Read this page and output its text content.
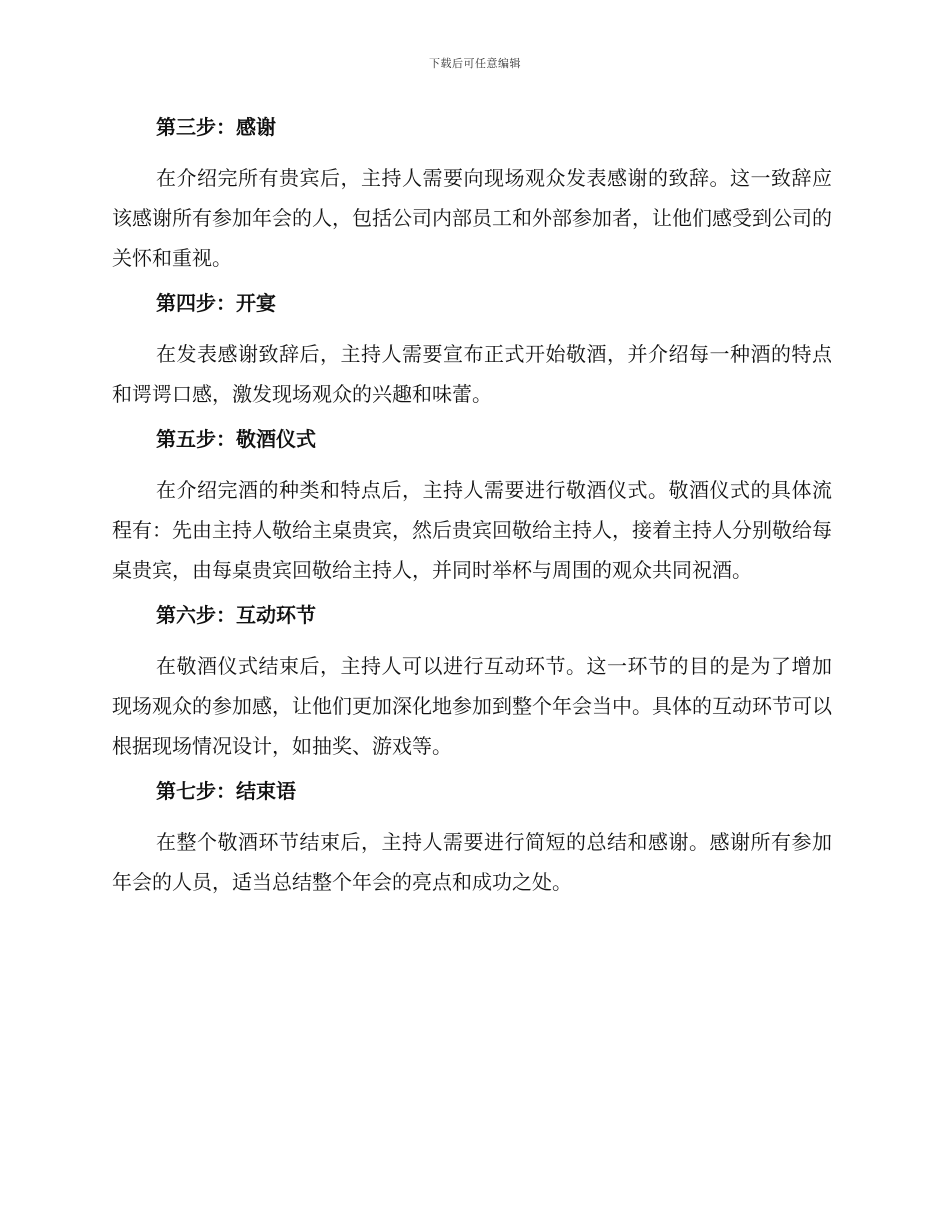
下载后可任意编辑
第三步：感谢

在介绍完所有贵宾后，主持人需要向现场观众发表感谢的致辞。这一致辞应该感谢所有参加年会的人，包括公司内部员工和外部参加者，让他们感受到公司的关怀和重视。

第四步：开宴

在发表感谢致辞后，主持人需要宣布正式开始敬酒，并介绍每一种酒的特点和谔谔口感，激发现场观众的兴趣和味蕾。

第五步：敬酒仪式

在介绍完酒的种类和特点后，主持人需要进行敬酒仪式。敬酒仪式的具体流程有：先由主持人敬给主桌贵宾，然后贵宾回敬给主持人，接着主持人分别敬给每桌贵宾，由每桌贵宾回敬给主持人，并同时举杯与周围的观众共同祝酒。

第六步：互动环节

在敬酒仪式结束后，主持人可以进行互动环节。这一环节的目的是为了增加现场观众的参加感，让他们更加深化地参加到整个年会当中。具体的互动环节可以根据现场情况设计，如抽奖、游戏等。

第七步：结束语

在整个敬酒环节结束后，主持人需要进行简短的总结和感谢。感谢所有参加年会的人员，适当总结整个年会的亮点和成功之处。
